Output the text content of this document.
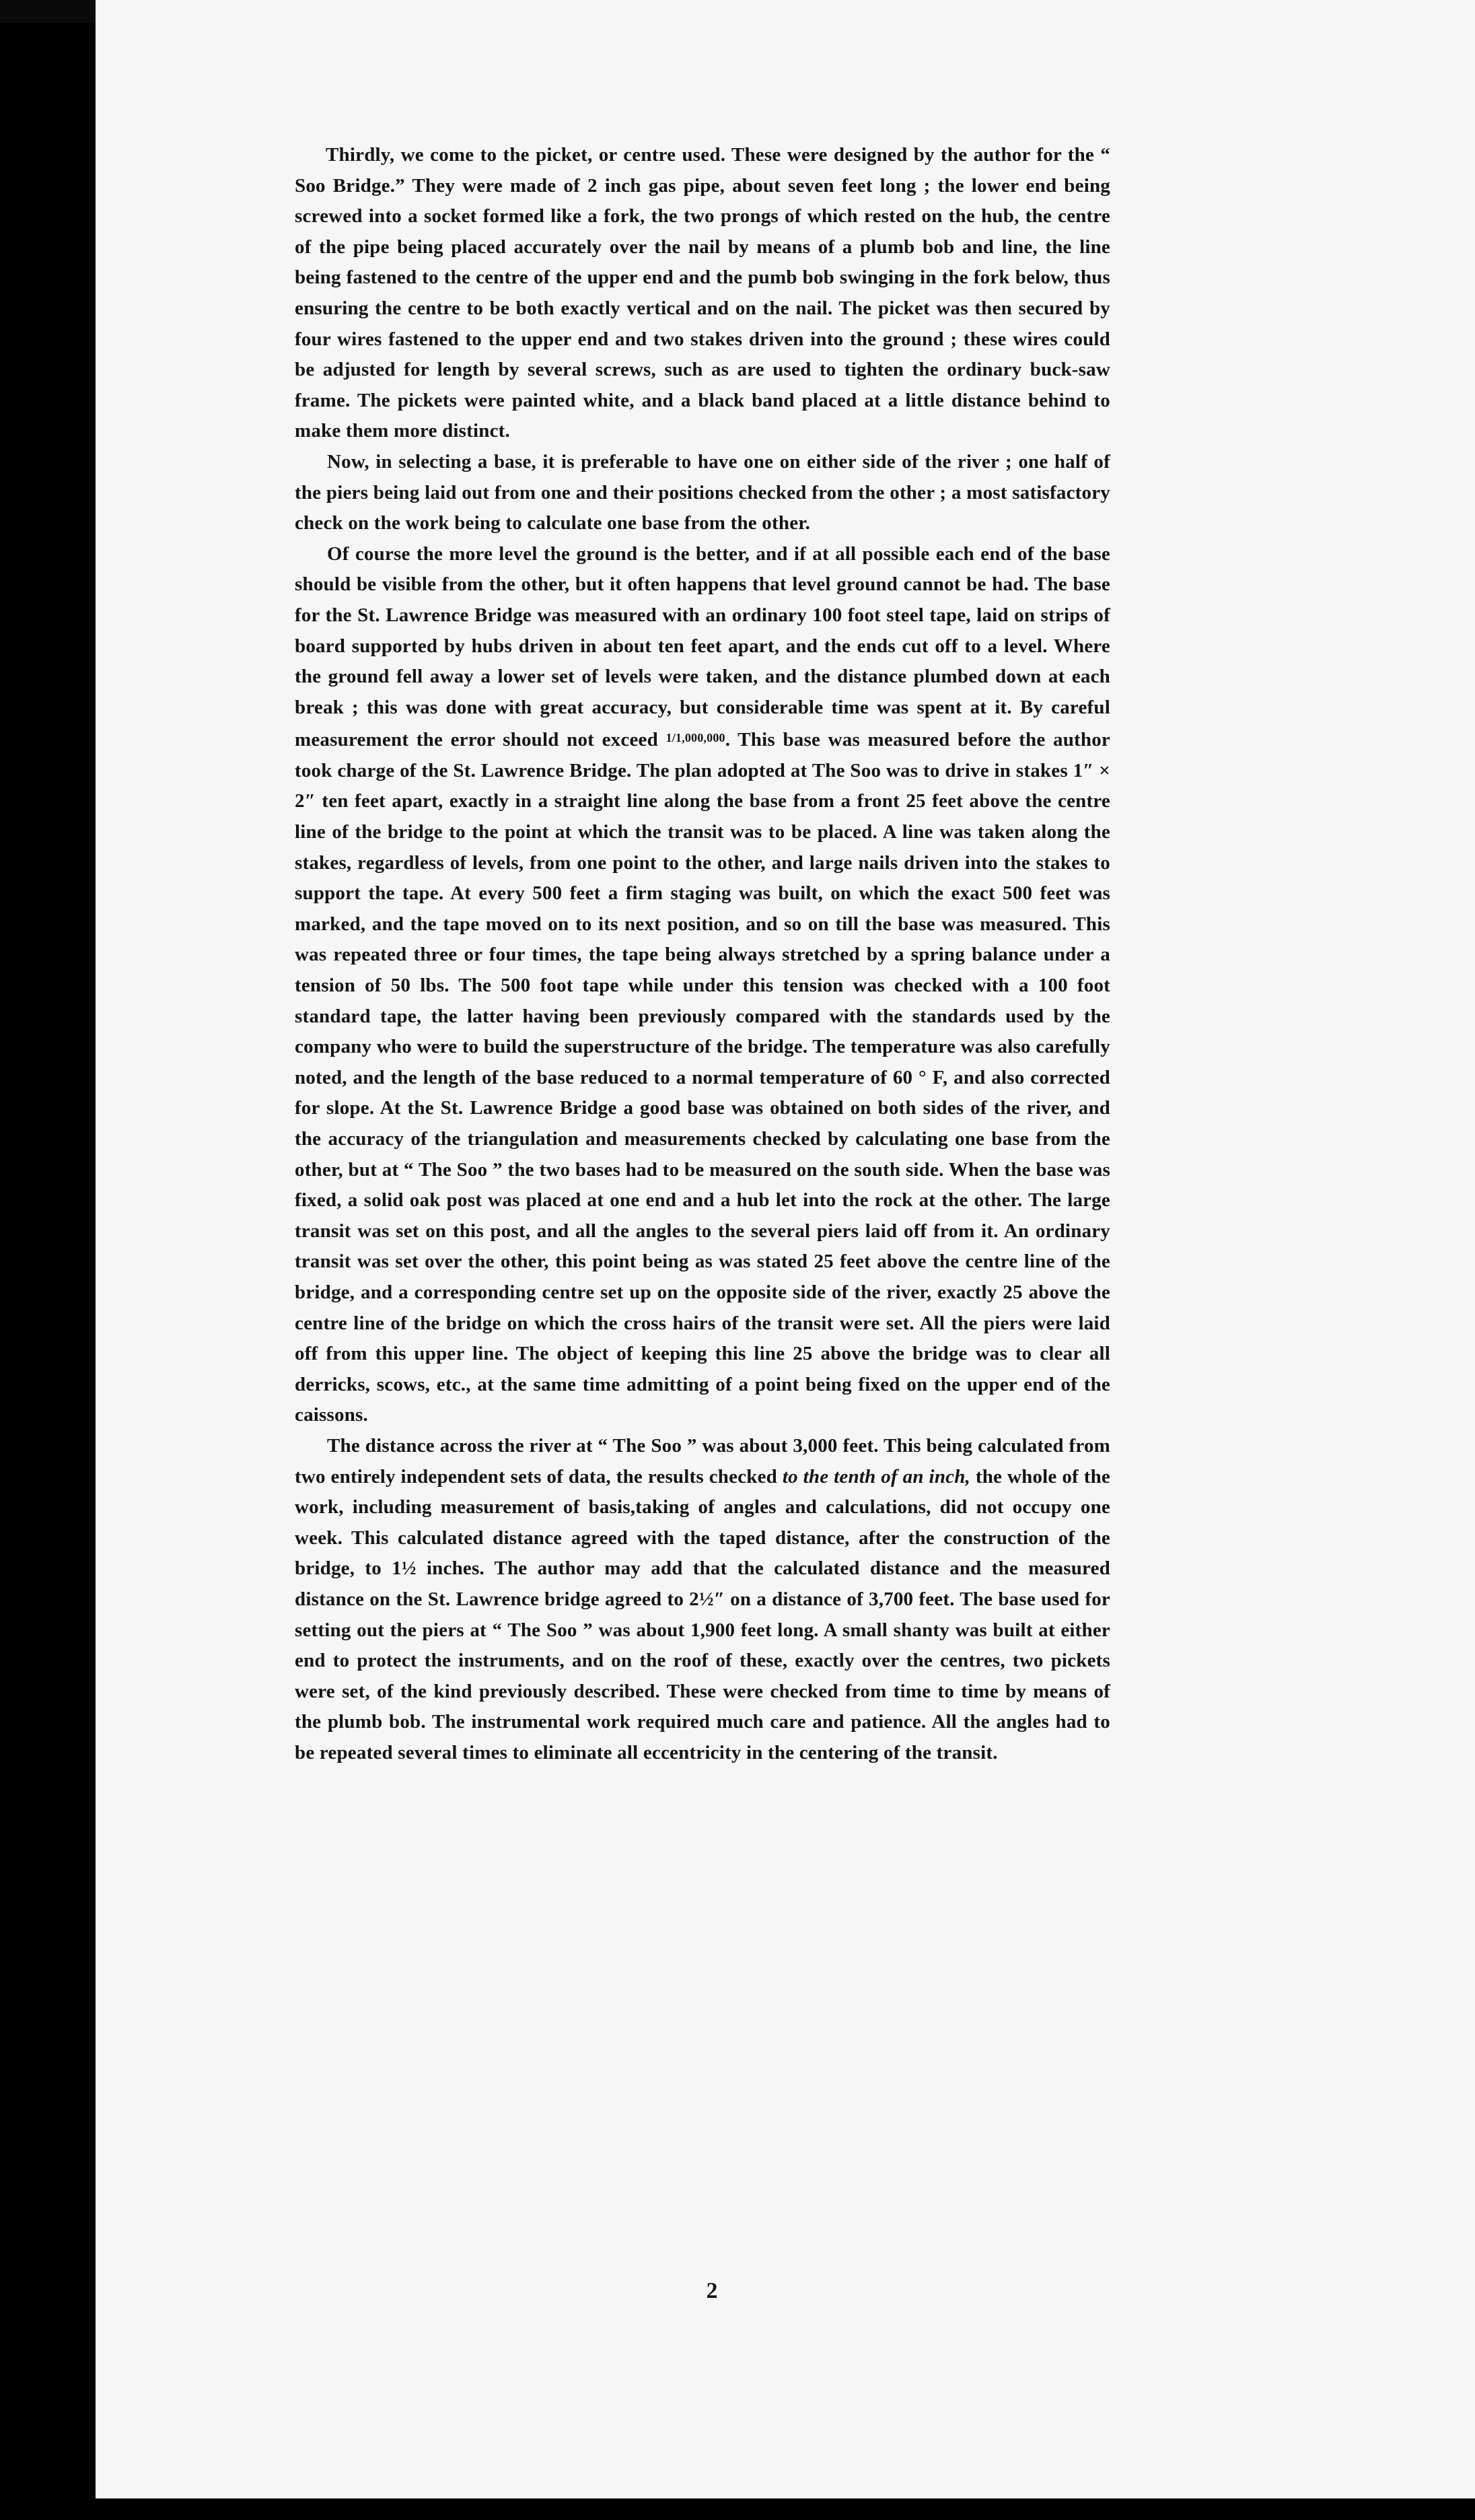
Thirdly, we come to the picket, or centre used. These were designed by the author for the “ Soo Bridge.” They were made of 2 inch gas pipe, about seven feet long ; the lower end being screwed into a socket formed like a fork, the two prongs of which rested on the hub, the centre of the pipe being placed accurately over the nail by means of a plumb bob and line, the line being fastened to the centre of the upper end and the pumb bob swinging in the fork below, thus ensuring the centre to be both exactly vertical and on the nail. The picket was then secured by four wires fastened to the upper end and two stakes driven into the ground ; these wires could be adjusted for length by several screws, such as are used to tighten the ordinary buck-saw frame. The pickets were painted white, and a black band placed at a little distance behind to make them more distinct.

Now, in selecting a base, it is preferable to have one on either side of the river ; one half of the piers being laid out from one and their positions checked from the other ; a most satisfactory check on the work being to calculate one base from the other.

Of course the more level the ground is the better, and if at all possible each end of the base should be visible from the other, but it often happens that level ground cannot be had. The base for the St. Lawrence Bridge was measured with an ordinary 100 foot steel tape, laid on strips of board supported by hubs driven in about ten feet apart, and the ends cut off to a level. Where the ground fell away a lower set of levels were taken, and the distance plumbed down at each break ; this was done with great accuracy, but considerable time was spent at it. By careful measurement the error should not exceed $^{1/1,000,000}$. This base was measured before the author took charge of the St. Lawrence Bridge. The plan adopted at The Soo was to drive in stakes 1″ × 2″ ten feet apart, exactly in a straight line along the base from a front 25 feet above the centre line of the bridge to the point at which the transit was to be placed. A line was taken along the stakes, regardless of levels, from one point to the other, and large nails driven into the stakes to support the tape. At every 500 feet a firm staging was built, on which the exact 500 feet was marked, and the tape moved on to its next position, and so on till the base was measured. This was repeated three or four times, the tape being always stretched by a spring balance under a tension of 50 lbs. The 500 foot tape while under this tension was checked with a 100 foot standard tape, the latter having been previously compared with the standards used by the company who were to build the superstructure of the bridge. The temperature was also carefully noted, and the length of the base reduced to a normal temperature of 60 ° F, and also corrected for slope. At the St. Lawrence Bridge a good base was obtained on both sides of the river, and the accuracy of the triangulation and measurements checked by calculating one base from the other, but at “ The Soo ” the two bases had to be measured on the south side. When the base was fixed, a solid oak post was placed at one end and a hub let into the rock at the other. The large transit was set on this post, and all the angles to the several piers laid off from it. An ordinary transit was set over the other, this point being as was stated 25 feet above the centre line of the bridge, and a corresponding centre set up on the opposite side of the river, exactly 25 above the centre line of the bridge on which the cross hairs of the transit were set. All the piers were laid off from this upper line. The object of keeping this line 25 above the bridge was to clear all derricks, scows, etc., at the same time admitting of a point being fixed on the upper end of the caissons.

The distance across the river at “ The Soo ” was about 3,000 feet. This being calculated from two entirely independent sets of data, the results checked to the tenth of an inch, the whole of the work, including measurement of basis,taking of angles and calculations, did not occupy one week. This calculated distance agreed with the taped distance, after the construction of the bridge, to 1½ inches. The author may add that the calculated distance and the measured distance on the St. Lawrence bridge agreed to 2½″ on a distance of 3,700 feet. The base used for setting out the piers at “ The Soo ” was about 1,900 feet long. A small shanty was built at either end to protect the instruments, and on the roof of these, exactly over the centres, two pickets were set, of the kind previously described. These were checked from time to time by means of the plumb bob. The instrumental work required much care and patience. All the angles had to be repeated several times to eliminate all eccentricity in the centering of the transit.

2
